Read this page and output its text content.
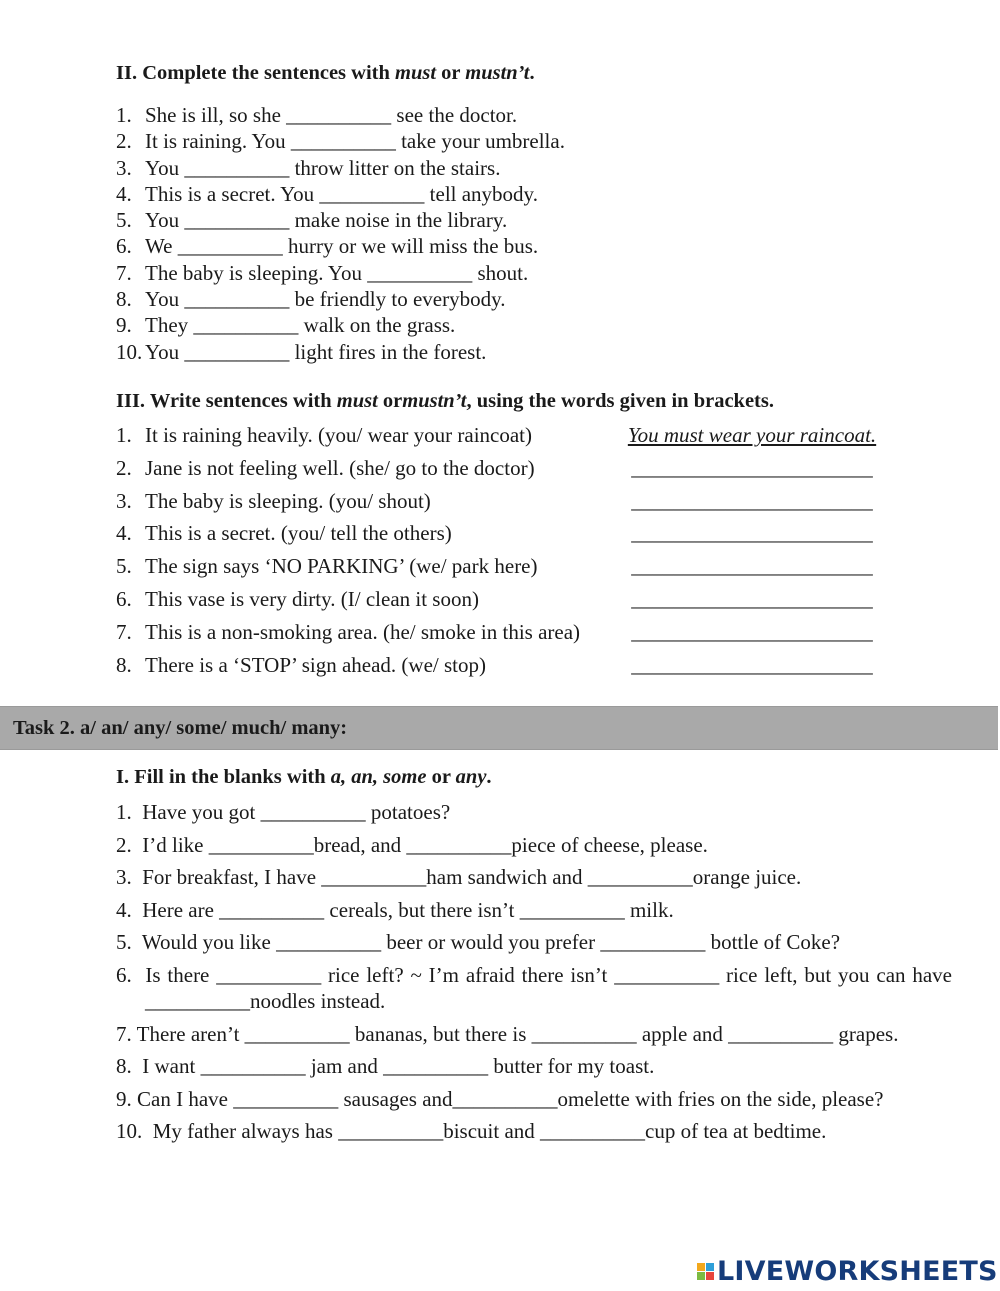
II. Complete the sentences with must or mustn’t.
1. She is ill, so she __________ see the doctor.
2. It is raining. You __________ take your umbrella.
3. You __________ throw litter on the stairs.
4. This is a secret. You __________ tell anybody.
5. You __________ make noise in the library.
6. We __________ hurry or we will miss the bus.
7. The baby is sleeping. You __________ shout.
8. You __________ be friendly to everybody.
9. They __________ walk on the grass.
10. You __________ light fires in the forest.
III. Write sentences with must ormustn’t, using the words given in brackets.
1. It is raining heavily. (you/ wear your raincoat)	You must wear your raincoat.
2. Jane is not feeling well. (she/ go to the doctor)	_______________________
3. The baby is sleeping. (you/ shout)	_______________________
4. This is a secret. (you/ tell the others)	_______________________
5. The sign says ‘NO PARKING’ (we/ park here)	_______________________
6. This vase is very dirty. (I/ clean it soon)	_______________________
7. This is a non-smoking area. (he/ smoke in this area)	_______________________
8. There is a ‘STOP’ sign ahead. (we/ stop)	_______________________
Task 2. a/ an/ any/ some/ much/ many:
I. Fill in the blanks with a, an, some or any.
1.  Have you got __________ potatoes?
2.  I’d like __________bread, and __________piece of cheese, please.
3.  For breakfast, I have __________ham sandwich and __________orange juice.
4.  Here are __________ cereals, but there isn’t __________ milk.
5.  Would you like __________ beer or would you prefer __________ bottle of Coke?
6.  Is there __________ rice left? ~ I’m afraid there isn’t __________ rice left, but you can have __________noodles instead.
7. There aren’t __________ bananas, but there is __________ apple and __________ grapes.
8.  I want __________ jam and __________ butter for my toast.
9. Can I have __________ sausages and__________omelette with fries on the side, please?
10.  My father always has __________biscuit and __________cup of tea at bedtime.
LIVEWORKSHEETS
